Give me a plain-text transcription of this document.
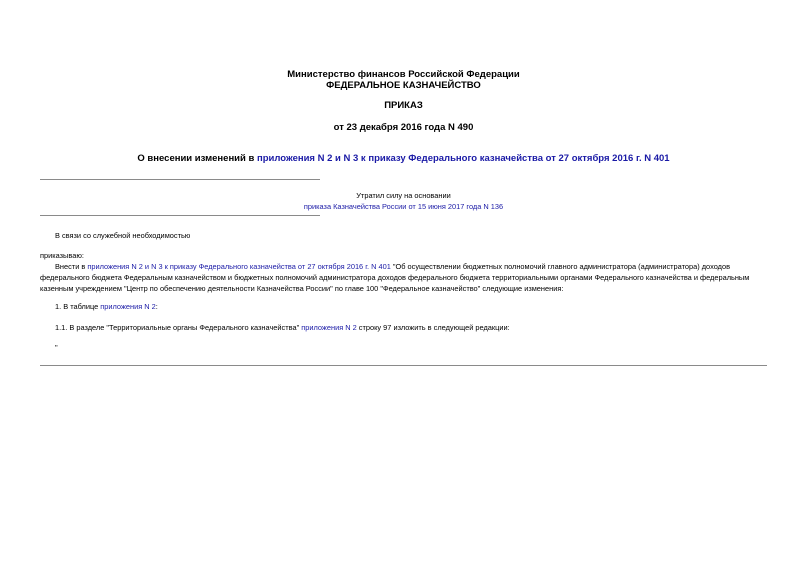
Министерство финансов Российской Федерации
ФЕДЕРАЛЬНОЕ КАЗНАЧЕЙСТВО
ПРИКАЗ
от 23 декабря 2016 года N 490
О внесении изменений в приложения N 2 и N 3 к приказу Федерального казначейства от 27 октября 2016 г. N 401
Утратил силу на основании
приказа Казначейства России от 15 июня 2017 года N 136
В связи со служебной необходимостью
приказываю:
Внести в приложения N 2 и N 3 к приказу Федерального казначейства от 27 октября 2016 г. N 401 "Об осуществлении бюджетных полномочий главного администратора (администратора) доходов федерального бюджета Федеральным казначейством и бюджетных полномочий администратора доходов федерального бюджета территориальными органами Федерального казначейства и федеральным казенным учреждением "Центр по обеспечению деятельности Казначейства России" по главе 100 "Федеральное казначейство" следующие изменения:
1. В таблице приложения N 2:
1.1. В разделе "Территориальные органы Федерального казначейства" приложения N 2 строку 97 изложить в следующей редакции:
"
